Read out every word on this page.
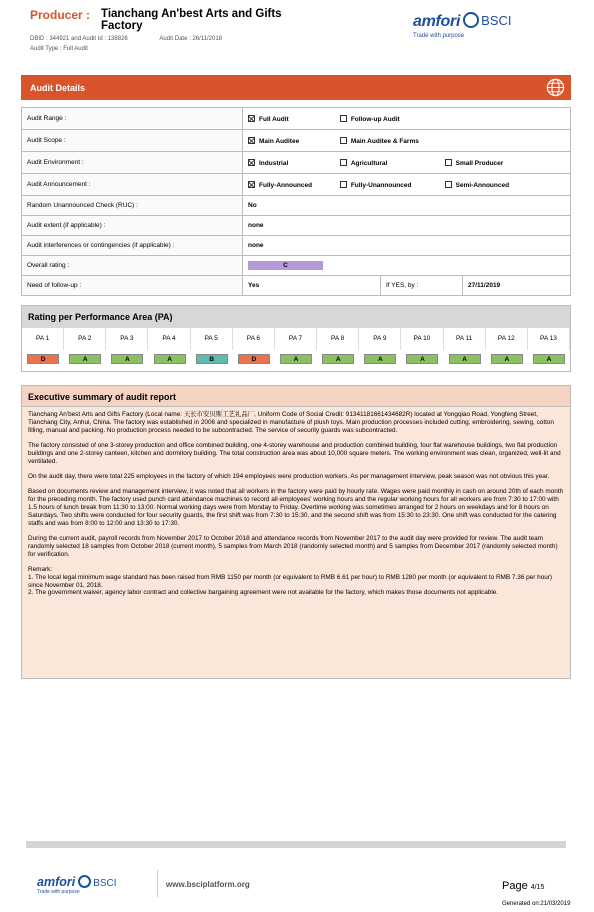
Producer : Tianchang An'best Arts and Gifts Factory
DBID : 344921 and Audit Id : 138826	Audit Date : 26/11/2018
Audit Type : Full Audit
amfori BSCI
Trade with purpose
Audit Details
Audit Range :	Full Audit Follow-up Audit		
Audit Scope :	Main Auditee Main Auditee & Farms		
Audit Environment :	Industrial Agricultural Small Producer		
Audit Announcement :	Fully-Announced Fully-Unannounced Semi-Announced		
Random Unannounced Check (RUC) :	No		
Audit extent (if applicable) :	none		
Audit interferences or contingencies (if applicable) :	none		
Overall rating :	C		
Need of follow-up :	Yes	If YES, by :	27/11/2019
Rating per Performance Area (PA)
PA 1	PA 2	PA 3	PA 4	PA 5	PA 6	PA 7	PA 8	PA 9	PA 10	PA 11	PA 12	PA 13
D	A	A	A	B	D	A	A	A	A	A	A	A
Executive summary of audit report

Tianchang An'best Arts and Gifts Factory (Local name: 天长市安贝斯工艺礼品厂, Uniform Code of Social Credit: 91341181661434682R) located at Yongqiao Road, Yongfeng Street, Tianchang City, Anhui, China. The factory was established in 2006 and specialized in manufacture of plush toys. Main production processes included cutting, embroidering, sewing, cotton filling, manual and packing. No production process needed to be subcontracted. The service of security guards was subcontracted.

The factory consisted of one 3-storey production and office combined building, one 4-storey warehouse and production combined building, four flat warehouse buildings, two flat production buildings and one 2-storey canteen, kitchen and dormitory building. The total construction area was about 10,000 square meters. The working environment was clean, organized, well-lit and ventilated.

On the audit day, there were total 225 employees in the factory of which 194 employees were production workers. As per management interview, peak season was not obvious this year.

Based on documents review and management interview, it was noted that all workers in the factory were paid by hourly rate. Wages were paid monthly in cash on around 20th of each month for the preceding month. The factory used punch card attendance machines to record all employees' working hours and the regular working hours for all workers are from 7:30 to 17:00 with 1.5 hours of lunch break from 11:30 to 13:00. Normal working days were from Monday to Friday. Overtime working was sometimes arranged for 2 hours on weekdays and for 8 hours on Saturdays. Two shifts were conducted for four security guards, the first shift was from 7:30 to 15:30, and the second shift was from 15:30 to 23:30. One shift was conducted for the catering staffs and was from 8:00 to 12:00 and 13:30 to 17:30.

During the current audit, payroll records from November 2017 to October 2018 and attendance records from November 2017 to the audit day were provided for review. The audit team randomly selected 18 samples from October 2018 (current month), 5 samples from March 2018 (randomly selected month) and 5 samples from December 2017 (randomly selected month) for verification.

Remark:

1. The local legal minimum wage standard has been raised from RMB 1150 per month (or equivalent to RMB 6.61 per hour) to RMB 1280 per month (or equivalent to RMB 7.36 per hour) since November 01, 2018.

2. The government waiver, agency labor contract and collective bargaining agreement were not available for the factory, which makes those documents not applicable.

amfori BSCI
Trade with purpose
www.bsciplatform.org	Page 4/15
Generated on:21/03/2019
